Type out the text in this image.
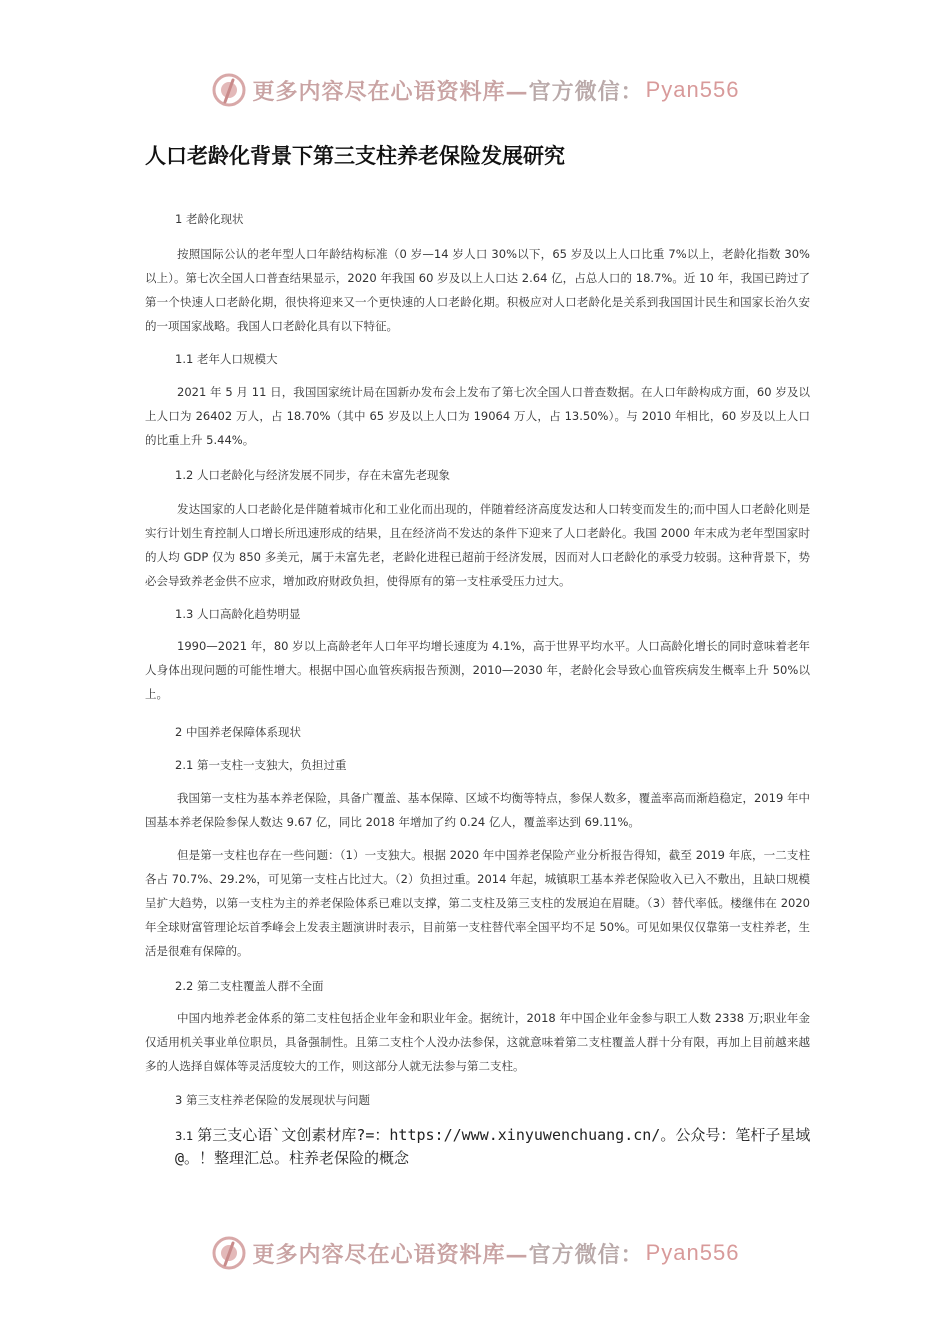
更多内容尽在心语资料库— 官方微信： Pyan556
人口老龄化背景下第三支柱养老保险发展研究
1 老龄化现状

按照国际公认的老年型人口年龄结构标准（0 岁—14 岁人口 30%以下，65 岁及以上人口比重 7%以上，老龄化指数 30%以上）。第七次全国人口普查结果显示，2020 年我国 60 岁及以上人口达 2.64 亿，占总人口的 18.7%。近 10 年，我国已跨过了第一个快速人口老龄化期，很快将迎来又一个更快速的人口老龄化期。积极应对人口老龄化是关系到我国国计民生和国家长治久安的一项国家战略。我国人口老龄化具有以下特征。

1.1 老年人口规模大

2021 年 5 月 11 日，我国国家统计局在国新办发布会上发布了第七次全国人口普查数据。在人口年龄构成方面，60 岁及以上人口为 26402 万人，占 18.70%（其中 65 岁及以上人口为 19064 万人，占 13.50%）。与 2010 年相比，60 岁及以上人口的比重上升 5.44%。

1.2 人口老龄化与经济发展不同步，存在未富先老现象

发达国家的人口老龄化是伴随着城市化和工业化而出现的，伴随着经济高度发达和人口转变而发生的;而中国人口老龄化则是实行计划生育控制人口增长所迅速形成的结果，且在经济尚不发达的条件下迎来了人口老龄化。我国 2000 年末成为老年型国家时的人均 GDP 仅为 850 多美元，属于未富先老，老龄化进程已超前于经济发展，因而对人口老龄化的承受力较弱。这种背景下，势必会导致养老金供不应求，增加政府财政负担，使得原有的第一支柱承受压力过大。

1.3 人口高龄化趋势明显

1990—2021 年，80 岁以上高龄老年人口年平均增长速度为 4.1%，高于世界平均水平。人口高龄化增长的同时意味着老年人身体出现问题的可能性增大。根据中国心血管疾病报告预测，2010—2030 年，老龄化会导致心血管疾病发生概率上升 50%以上。

2 中国养老保障体系现状
2.1 第一支柱一支独大，负担过重

我国第一支柱为基本养老保险，具备广覆盖、基本保障、区域不均衡等特点，参保人数多，覆盖率高而渐趋稳定，2019 年中国基本养老保险参保人数达 9.67 亿，同比 2018 年增加了约 0.24 亿人，覆盖率达到 69.11%。

但是第一支柱也存在一些问题：（1）一支独大。根据 2020 年中国养老保险产业分析报告得知，截至 2019 年底，一二支柱各占 70.7%、29.2%，可见第一支柱占比过大。（2）负担过重。2014 年起，城镇职工基本养老保险收入已入不敷出，且缺口规模呈扩大趋势，以第一支柱为主的养老保险体系已难以支撑，第二支柱及第三支柱的发展迫在眉睫。（3）替代率低。楼继伟在 2020 年全球财富管理论坛首季峰会上发表主题演讲时表示，目前第一支柱替代率全国平均不足 50%。可见如果仅仅靠第一支柱养老，生活是很难有保障的。

2.2 第二支柱覆盖人群不全面

中国内地养老金体系的第二支柱包括企业年金和职业年金。据统计，2018 年中国企业年金参与职工人数 2338 万;职业年金仅适用机关事业单位职员，具备强制性。且第二支柱个人没办法参保，这就意味着第二支柱覆盖人群十分有限，再加上目前越来越多的人选择自媒体等灵活度较大的工作，则这部分人就无法参与第二支柱。

3 第三支柱养老保险的发展现状与问题
3.1 第三支心语`文创素材库?=：https://www.xinyuwenchuang.cn/。公众号：笔杆子星域@。！整理汇总。柱养老保险的概念
更多内容尽在心语资料库— 官方微信： Pyan556
